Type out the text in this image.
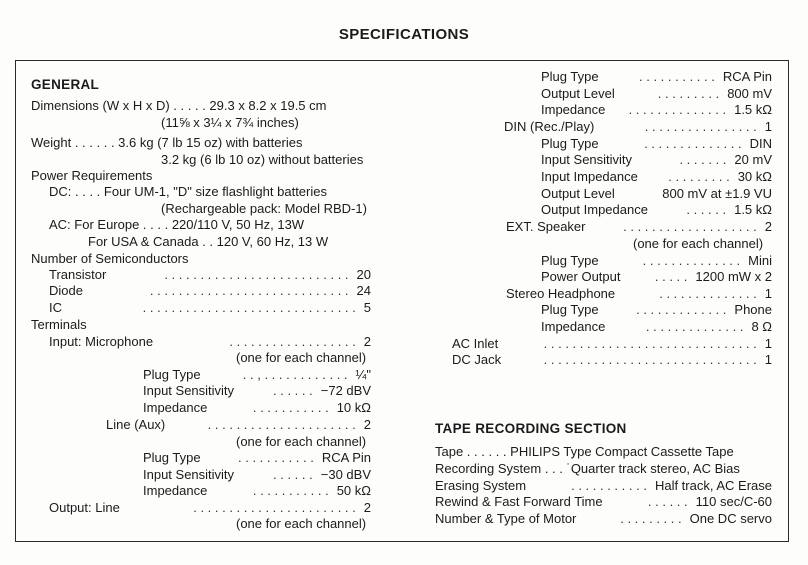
SPECIFICATIONS
GENERAL
TAPE RECORDING SECTION
Dimensions (W x H x D) . . . . . 29.3 x 8.2 x 19.5 cm
(11⅝ x 3¼ x 7¾ inches)
Weight . . . . . . 3.6 kg (7 lb 15 oz) with batteries
3.2 kg (6 lb 10 oz) without batteries
Power Requirements
DC: . . . . Four UM-1, "D" size flashlight batteries
(Rechargeable pack: Model RBD-1)
AC: For Europe . . . . 220/110 V, 50 Hz, 13W
For USA & Canada . . 120 V, 60 Hz, 13 W
Number of Semiconductors
Transistor	. . . . . . . . . . . . . . . . . . . . . . . . . . 20
Diode	. . . . . . . . . . . . . . . . . . . . . . . . . . . . 24
IC	. . . . . . . . . . . . . . . . . . . . . . . . . . . . . . 5
Terminals
Input: Microphone	. . . . . . . . . . . . . . . . . . 2
(one for each channel)
Plug Type	. . , . . . . . . . . . . . . ¼"
Input Sensitivity	. . . . . . −72 dBV
Impedance	. . . . . . . . . . . 10 kΩ
Line (Aux)	. . . . . . . . . . . . . . . . . . . . . 2
(one for each channel)
Plug Type	. . . . . . . . . . . RCA Pin
Input Sensitivity	. . . . . . −30 dBV
Impedance	. . . . . . . . . . . 50 kΩ
Output: Line	. . . . . . . . . . . . . . . . . . . . . . . 2
(one for each channel)
Plug Type	. . . . . . . . . . . RCA Pin
Output Level	. . . . . . . . . 800 mV
Impedance . . . . . . . . . . . . . . 1.5 kΩ
DIN (Rec./Play)	. . . . . . . . . . . . . . . . 1
Plug Type	. . . . . . . . . . . . . . DIN
Input Sensitivity	. . . . . . . 20 mV
Input Impedance . . . . . . . . . 30 kΩ
Output Level	800 mV at ±1.9 VU
Output Impedance	. . . . . . 1.5 kΩ
EXT. Speaker	. . . . . . . . . . . . . . . . . . . 2
(one for each channel)
Plug Type	. . . . . . . . . . . . . . Mini
Power Output	. . . . . 1200 mW x 2
Stereo Headphone	. . . . . . . . . . . . . . 1
Plug Type	. . . . . . . . . . . . . Phone
Impedance	. . . . . . . . . . . . . . 8 Ω
AC Inlet	. . . . . . . . . . . . . . . . . . . . . . . . . . . . . . 1
DC Jack	. . . . . . . . . . . . . . . . . . . . . . . . . . . . . . 1
Tape . . . . . . PHILIPS Type Compact Cassette Tape
Recording System . . . ˙Quarter track stereo, AC Bias
Erasing System	. . . . . . . . . . . Half track, AC Erase
Rewind & Fast Forward Time	. . . . . . 110 sec/C-60
Number & Type of Motor	. . . . . . . . . One DC servo
